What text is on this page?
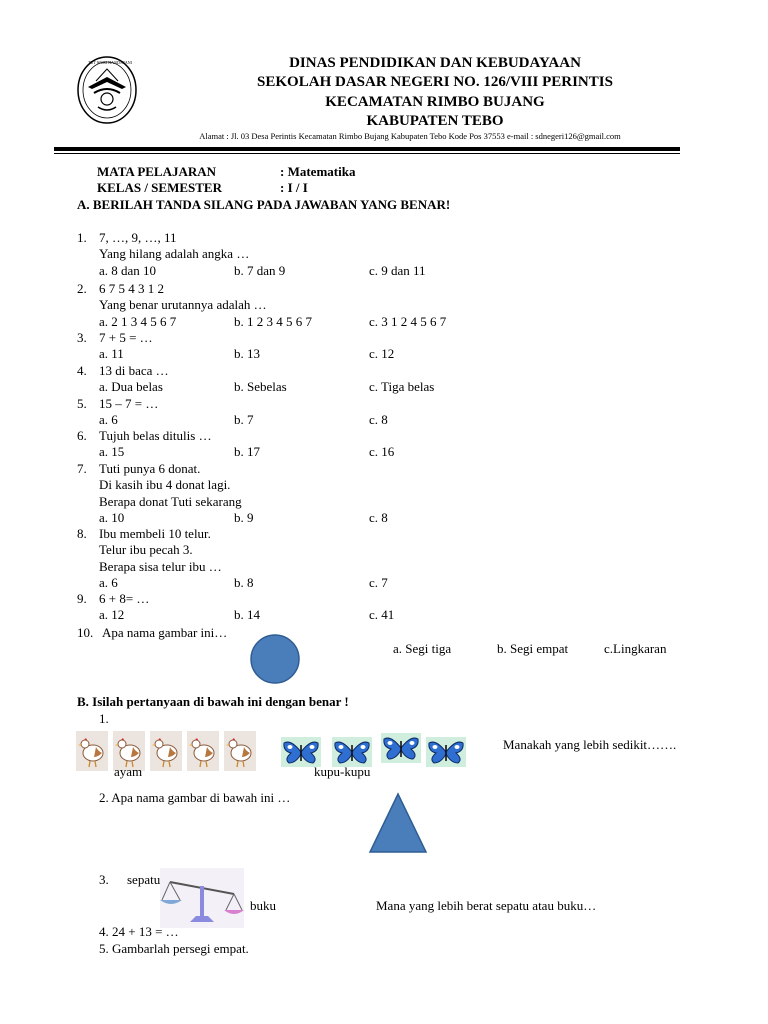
TUT WURI HANDAYANI	DINAS PENDIDIKAN DAN KEBUDAYAAN
SEKOLAH DASAR NEGERI NO. 126/VIII PERINTIS
KECAMATAN RIMBO BUJANG
KABUPATEN TEBO
Alamat : Jl. 03 Desa Perintis Kecamatan Rimbo Bujang Kabupaten Tebo Kode Pos 37553 e-mail : sdnegeri126@gmail.com
MATA PELAJARAN	: Matematika
KELAS / SEMESTER	: I / I
A. BERILAH TANDA SILANG PADA JAWABAN YANG BENAR!
1. 7, …, 9, …, 11
Yang hilang adalah angka …
a. 8 dan 10	b. 7 dan 9	c. 9 dan 11
2. 6 7 5 4 3 1 2
Yang benar urutannya adalah …
a. 2 1 3 4 5 6 7	b. 1 2 3 4 5 6 7	c. 3 1 2 4 5 6 7
3. 7 + 5 = …
a. 11	b. 13	c. 12
4. 13 di baca …
a. Dua belas	b. Sebelas	c. Tiga belas
5. 15 – 7 = …
a. 6	b. 7	c. 8
6. Tujuh belas ditulis …
a. 15	b. 17	c. 16
7. Tuti punya 6 donat.
Di kasih ibu 4 donat lagi.
Berapa donat Tuti sekarang
a. 10	b. 9	c. 8
8. Ibu membeli 10 telur.
Telur ibu pecah 3.
Berapa sisa telur ibu …
a. 6	b. 8	c. 7
9. 6 + 8= …
a. 12	b. 14	c. 41
10. Apa nama gambar ini…
a. Segi tiga	b. Segi empat	c.Lingkaran
B. Isilah pertanyaan di bawah ini dengan benar !
1.
ayam	kupu-kupu
Manakah yang lebih sedikit…….
2. Apa nama gambar di bawah ini …
3. sepatu
buku	Mana yang lebih berat sepatu atau buku…
4. 24 + 13 = …
5. Gambarlah persegi empat.
